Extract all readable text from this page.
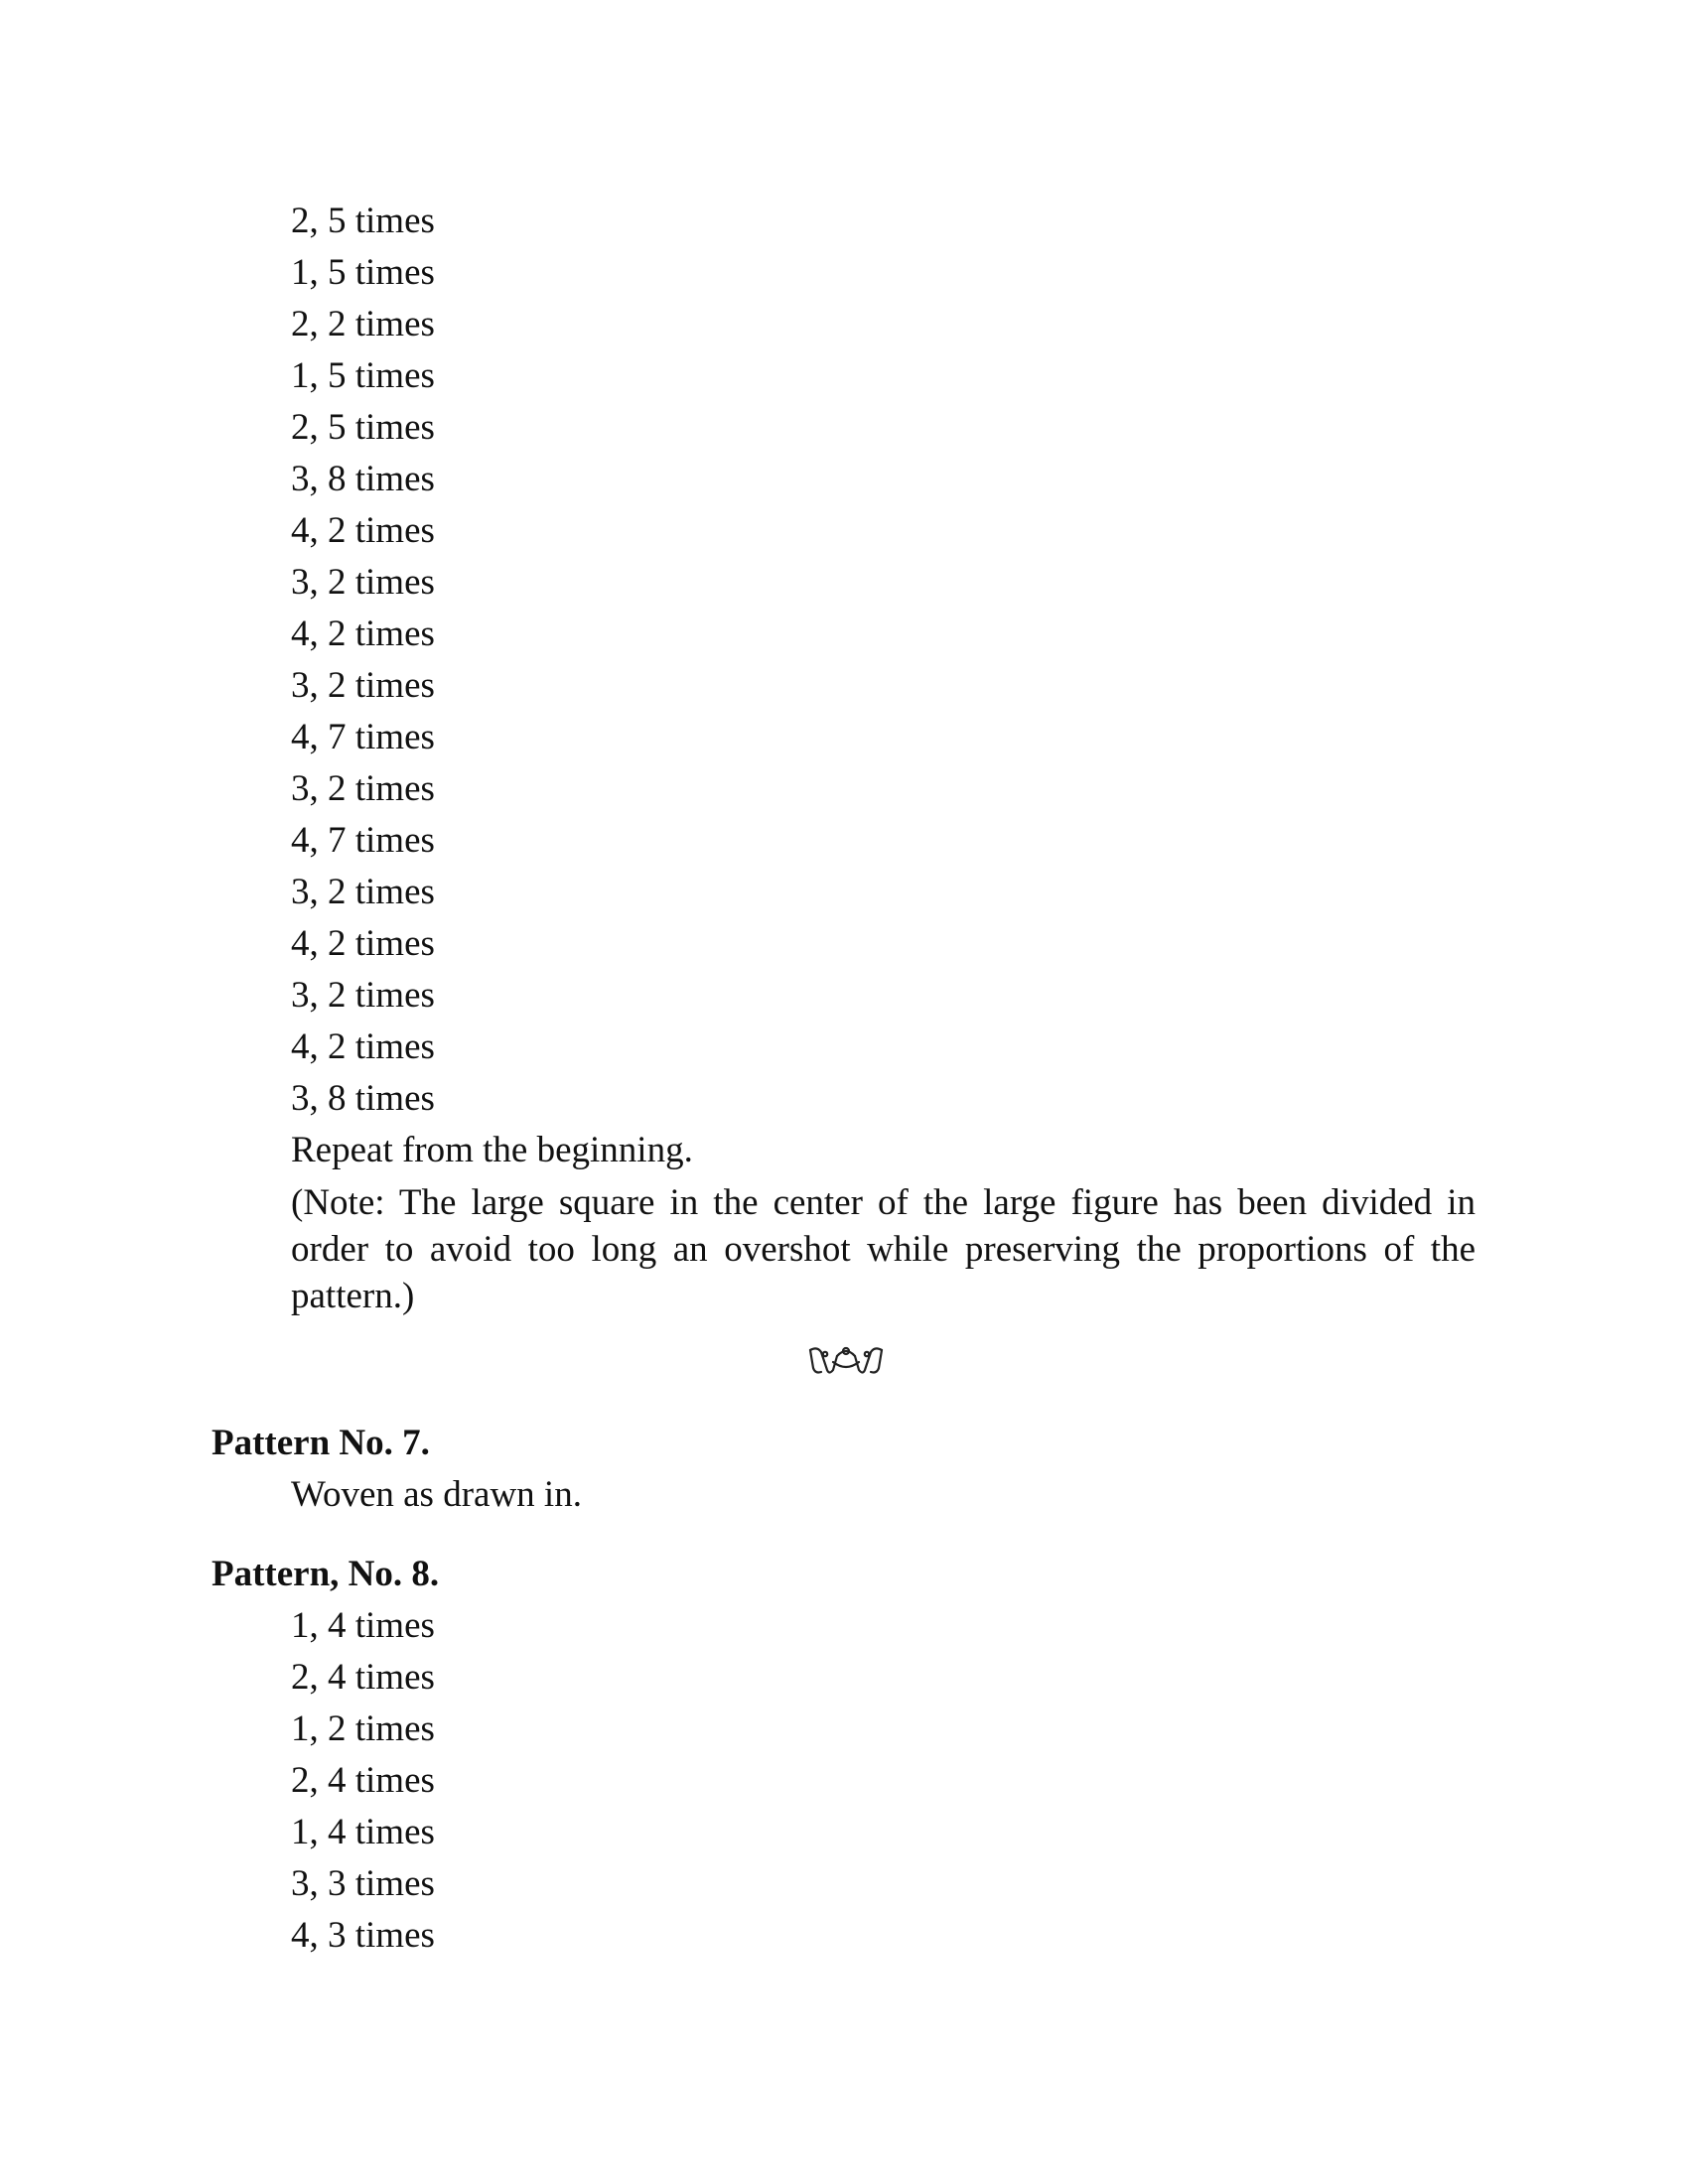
2, 5 times
1, 5 times
2, 2 times
1, 5 times
2, 5 times
3, 8 times
4, 2 times
3, 2 times
4, 2 times
3, 2 times
4, 7 times
3, 2 times
4, 7 times
3, 2 times
4, 2 times
3, 2 times
4, 2 times
3, 8 times
Repeat from the beginning.

(Note: The large square in the center of the large figure has been divided in order to avoid too long an overshot while preserving the proportions of the pattern.)

Pattern No. 7.
Woven as drawn in.
Pattern, No. 8.
1, 4 times
2, 4 times
1, 2 times
2, 4 times
1, 4 times
3, 3 times
4, 3 times
